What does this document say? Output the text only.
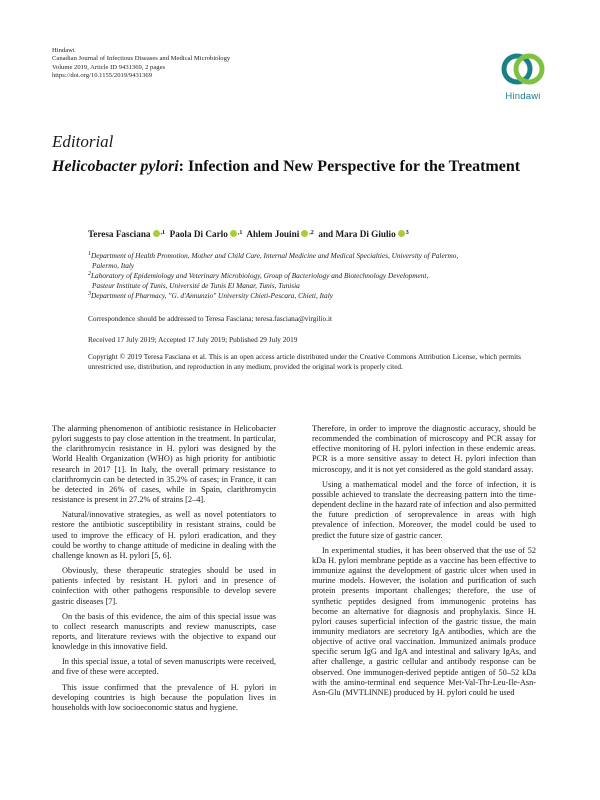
Hindawi
Canadian Journal of Infectious Diseases and Medical Microbiology
Volume 2019, Article ID 9431369, 2 pages
https://doi.org/10.1155/2019/9431369
Hindawi
Editorial
Helicobacter pylori: Infection and New Perspective for the Treatment
Teresa Fasciana $^{,1}$ Paola Di Carlo $^{,1}$ Ahlem Jouini $^{,2}$ and Mara Di Giulio $^3$

$^1$Department of Health Promotion, Mother and Child Care, Internal Medicine and Medical Specialties, University of Palermo,

Palermo, Italy

$^2$Laboratory of Epidemiology and Veterinary Microbiology, Group of Bacteriology and Biotechnology Development,

Pasteur Institute of Tunis, Université de Tunis El Manar, Tunis, Tunisia

$^3$Department of Pharmacy, "G. d'Annunzio" University Chieti-Pescara, Chieti, Italy

Correspondence should be addressed to Teresa Fasciana; teresa.fasciana@virgilio.it
Received 17 July 2019; Accepted 17 July 2019; Published 29 July 2019
Copyright © 2019 Teresa Fasciana et al. This is an open access article distributed under the Creative Commons Attribution License, which permits unrestricted use, distribution, and reproduction in any medium, provided the original work is properly cited.

The alarming phenomenon of antibiotic resistance in Helicobacter pylori suggests to pay close attention in the treatment. In particular, the clarithromycin resistance in H. pylori was designed by the World Health Organization (WHO) as high priority for antibiotic research in 2017 [1]. In Italy, the overall primary resistance to clarithromycin can be detected in 35.2% of cases; in France, it can be detected in 26% of cases, while in Spain, clarithromycin resistance is present in 27.2% of strains [2–4].

Natural/innovative strategies, as well as novel potentiators to restore the antibiotic susceptibility in resistant strains, could be used to improve the efficacy of H. pylori eradication, and they could be worthy to change attitude of medicine in dealing with the challenge known as H. pylori [5, 6].

Obviously, these therapeutic strategies should be used in patients infected by resistant H. pylori and in presence of coinfection with other pathogens responsible to develop severe gastric diseases [7].

On the basis of this evidence, the aim of this special issue was to collect research manuscripts and review manuscripts, case reports, and literature reviews with the objective to expand our knowledge in this innovative field.

In this special issue, a total of seven manuscripts were received, and five of these were accepted.

This issue confirmed that the prevalence of H. pylori in developing countries is high because the population lives in households with low socioeconomic status and hygiene.

Therefore, in order to improve the diagnostic accuracy, should be recommended the combination of microscopy and PCR assay for effective monitoring of H. pylori infection in these endemic areas. PCR is a more sensitive assay to detect H. pylori infection than microscopy, and it is not yet considered as the gold standard assay.

Using a mathematical model and the force of infection, it is possible achieved to translate the decreasing pattern into the time-dependent decline in the hazard rate of infection and also permitted the future prediction of seroprevalence in areas with high prevalence of infection. Moreover, the model could be used to predict the future size of gastric cancer.

In experimental studies, it has been observed that the use of 52 kDa H. pylori membrane peptide as a vaccine has been effective to immunize against the development of gastric ulcer when used in murine models. However, the isolation and purification of such protein presents important challenges; therefore, the use of synthetic peptides designed from immunogenic proteins has become an alternative for diagnosis and prophylaxis. Since H. pylori causes superficial infection of the gastric tissue, the main immunity mediators are secretory IgA antibodies, which are the objective of active oral vaccination. Immunized animals produce specific serum IgG and IgA and intestinal and salivary IgAs, and after challenge, a gastric cellular and antibody response can be observed. One immunogen-derived peptide antigen of 50–52 kDa with the amino-terminal end sequence Met-Val-Thr-Leu-Ile-Asn-Asn-Glu (MVTLINNE) produced by H. pylori could be used
